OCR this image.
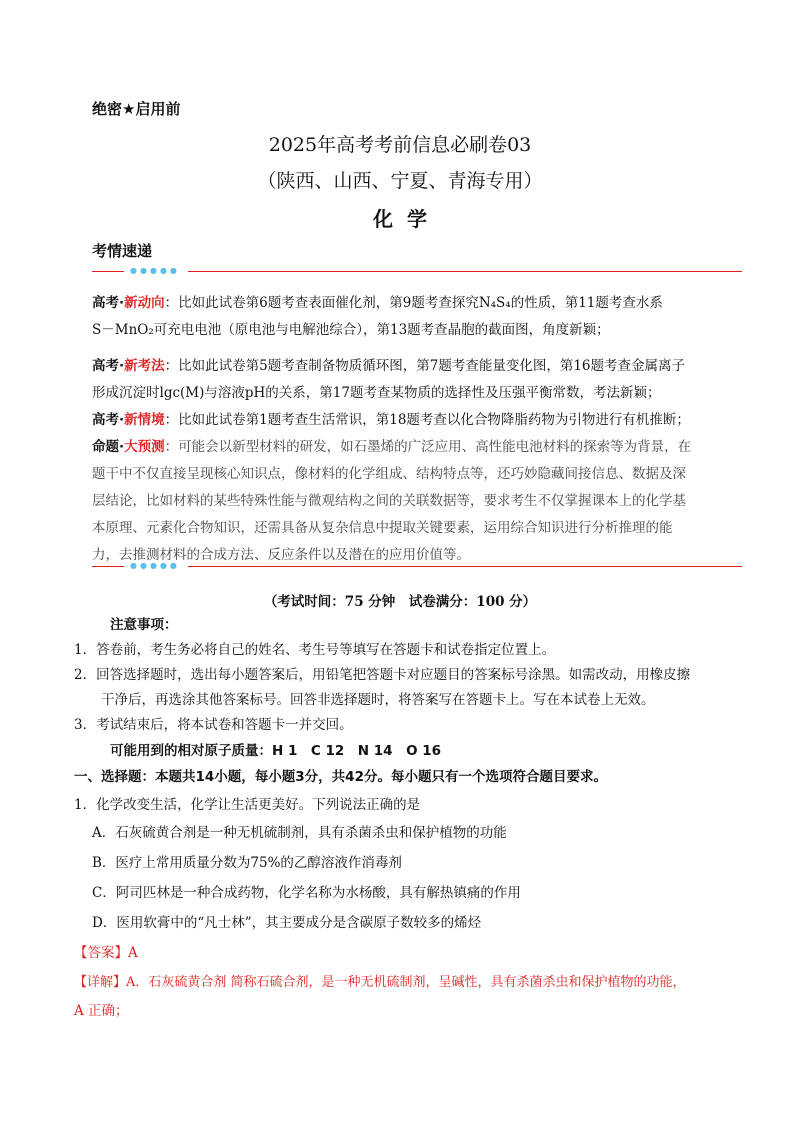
绝密★启用前
2025年高考考前信息必刷卷03
（陕西、山西、宁夏、青海专用）
化学
考情速递
●●●●●
高考·新动向：比如此试卷第6题考查表面催化剂，第9题考查探究N₄S₄的性质，第11题考查水系
S－MnO₂可充电电池（原电池与电解池综合），第13题考查晶胞的截面图，角度新颖；
高考·新考法：比如此试卷第5题考查制备物质循环图，第7题考查能量变化图，第16题考查金属离子
形成沉淀时lgc(M)与溶液pH的关系，第17题考查某物质的选择性及压强平衡常数，考法新颖；
高考·新情境：比如此试卷第1题考查生活常识，第18题考查以化合物降脂药物为引物进行有机推断；
命题·大预测：可能会以新型材料的研发，如石墨烯的广泛应用、高性能电池材料的探索等为背景，在
题干中不仅直接呈现核心知识点，像材料的化学组成、结构特点等，还巧妙隐藏间接信息、数据及深
层结论，比如材料的某些特殊性能与微观结构之间的关联数据等，要求考生不仅掌握课本上的化学基
本原理、元素化合物知识，还需具备从复杂信息中提取关键要素，运用综合知识进行分析推理的能
力，去推测材料的合成方法、反应条件以及潜在的应用价值等。
●●●●●
（考试时间：75 分钟　试卷满分：100 分）
注意事项：
1．答卷前，考生务必将自己的姓名、考生号等填写在答题卡和试卷指定位置上。
2．回答选择题时，选出每小题答案后，用铅笔把答题卡对应题目的答案标号涂黑。如需改动，用橡皮擦
　　干净后，再选涂其他答案标号。回答非选择题时，将答案写在答题卡上。写在本试卷上无效。
3．考试结束后，将本试卷和答题卡一并交回。
可能用到的相对原子质量：H 1　C 12　N 14　O 16
一、选择题：本题共14小题，每小题3分，共42分。每小题只有一个选项符合题目要求。
1．化学改变生活，化学让生活更美好。下列说法正确的是
A．石灰硫黄合剂是一种无机硫制剂，具有杀菌杀虫和保护植物的功能
B．医疗上常用质量分数为75%的乙醇溶液作消毒剂
C．阿司匹林是一种合成药物，化学名称为水杨酸，具有解热镇痛的作用
D．医用软膏中的“凡士林”，其主要成分是含碳原子数较多的烯烃
【答案】A
【详解】A．石灰硫黄合剂 简称石硫合剂，是一种无机硫制剂，呈碱性，具有杀菌杀虫和保护植物的功能，
A 正确；
